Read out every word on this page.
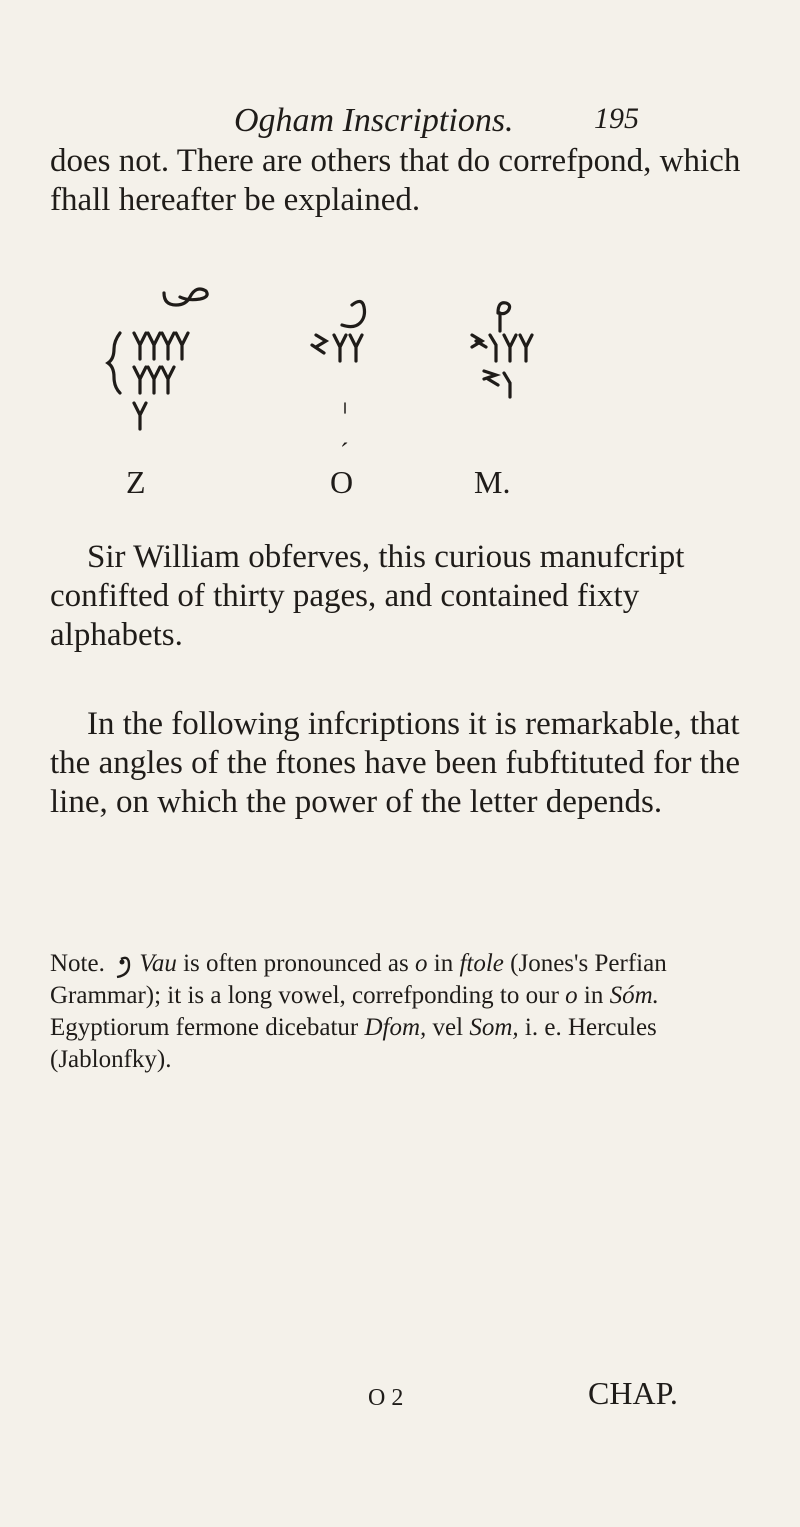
Ogham Inscriptions.	195

does not. There are others that do correfpond, which fhall hereafter be explained.

Z	O
´
M.

Sir William obferves, this curious manufcript confifted of thirty pages, and contained fixty alphabets.

In the following infcriptions it is remarkable, that the angles of the ftones have been fubftituted for the line, on which the power of the letter depends.

Note. Vau is often pronounced as o in ftole (Jones's Perfian Grammar); it is a long vowel, correfponding to our o in Sóm. Egyptiorum fermone dicebatur Dfom, vel Som, i. e. Hercules (Jablonfky).

O 2	CHAP.
